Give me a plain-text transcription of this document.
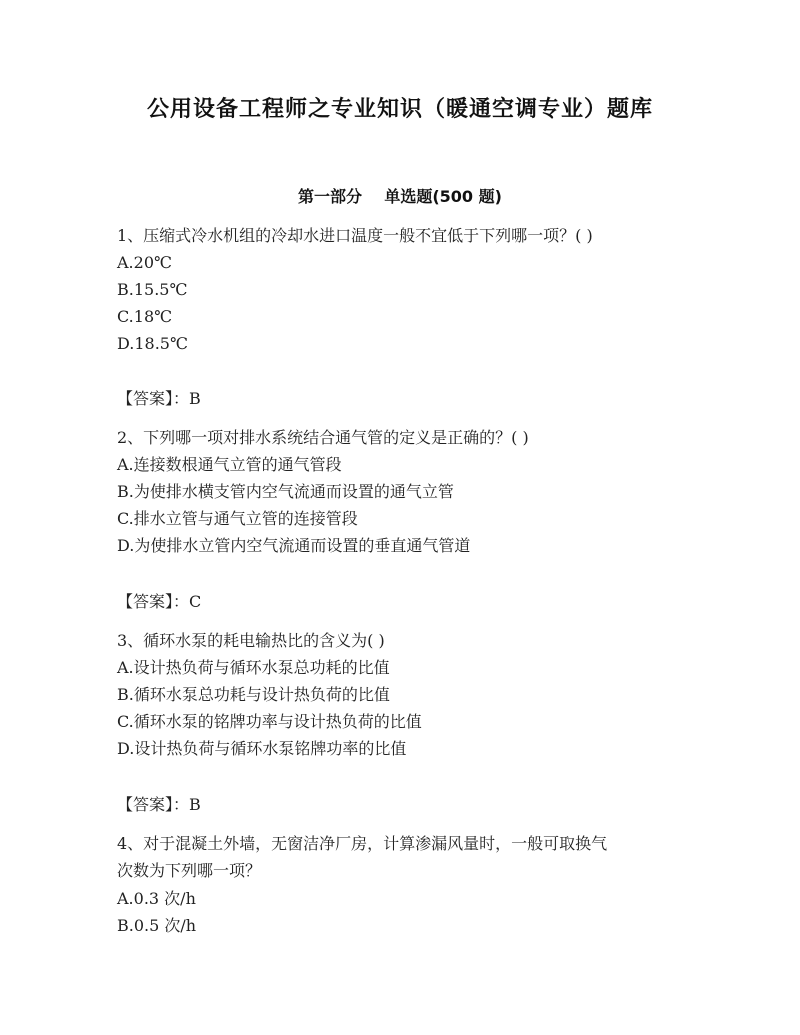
公用设备工程师之专业知识（暖通空调专业）题库
第一部分    单选题(500 题)
1、压缩式冷水机组的冷却水进口温度一般不宜低于下列哪一项？( )
A.20℃
B.15.5℃
C.18℃
D.18.5℃
【答案】：B
2、下列哪一项对排水系统结合通气管的定义是正确的？( )
A.连接数根通气立管的通气管段
B.为使排水横支管内空气流通而设置的通气立管
C.排水立管与通气立管的连接管段
D.为使排水立管内空气流通而设置的垂直通气管道
【答案】：C
3、循环水泵的耗电输热比的含义为( )
A.设计热负荷与循环水泵总功耗的比值
B.循环水泵总功耗与设计热负荷的比值
C.循环水泵的铭牌功率与设计热负荷的比值
D.设计热负荷与循环水泵铭牌功率的比值
【答案】：B
4、对于混凝土外墙，无窗洁净厂房，计算渗漏风量时，一般可取换气
次数为下列哪一项？
A.0.3 次/h
B.0.5 次/h
